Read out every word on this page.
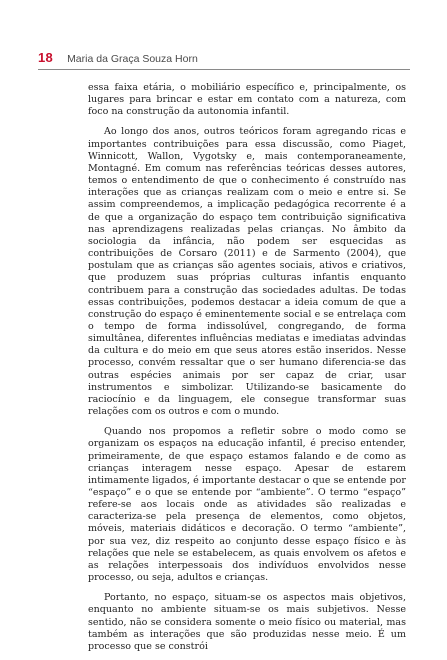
18 Maria da Graça Souza Horn

essa faixa etária, o mobiliário específico e, principalmente, os lugares para brincar e estar em contato com a natureza, com foco na construção da autonomia infantil.

Ao longo dos anos, outros teóricos foram agregando ricas e importantes contribuições para essa discussão, como Piaget, Winnicott, Wallon, Vygotsky e, mais contemporaneamente, Montagné. Em comum nas referências teóricas desses autores, temos o entendimento de que o conhecimento é construído nas interações que as crianças realizam com o meio e entre si. Se assim compreendemos, a implicação pedagógica recorrente é a de que a organização do espaço tem contribuição significativa nas aprendizagens realizadas pelas crianças. No âmbito da sociologia da infância, não podem ser esquecidas as contribuições de Corsaro (2011) e de Sarmento (2004), que postulam que as crianças são agentes sociais, ativos e criativos, que produzem suas próprias culturas infantis enquanto contribuem para a construção das sociedades adultas. De todas essas contribuições, podemos destacar a ideia comum de que a construção do espaço é eminentemente social e se entrelaça com o tempo de forma indissolúvel, congregando, de forma simultânea, diferentes influências mediatas e imediatas advindas da cultura e do meio em que seus atores estão inseridos. Nesse processo, convém ressaltar que o ser humano diferencia-se das outras espécies animais por ser capaz de criar, usar instrumentos e simbolizar. Utilizando-se basicamente do raciocínio e da linguagem, ele consegue transformar suas relações com os outros e com o mundo.

Quando nos propomos a refletir sobre o modo como se organizam os espaços na educação infantil, é preciso entender, primeiramente, de que espaço estamos falando e de como as crianças interagem nesse espaço. Apesar de estarem intimamente ligados, é importante destacar o que se entende por “espaço” e o que se entende por “ambiente”. O termo “espaço” refere-se aos locais onde as atividades são realizadas e caracteriza-se pela presença de elementos, como objetos, móveis, materiais didáticos e decoração. O termo “ambiente”, por sua vez, diz respeito ao conjunto desse espaço físico e às relações que nele se estabelecem, as quais envolvem os afetos e as relações interpessoais dos indivíduos envolvidos nesse processo, ou seja, adultos e crianças.

Portanto, no espaço, situam-se os aspectos mais objetivos, enquanto no ambiente situam-se os mais subjetivos. Nesse sentido, não se considera somente o meio físico ou material, mas também as interações que são produzidas nesse meio. É um processo que se constrói
